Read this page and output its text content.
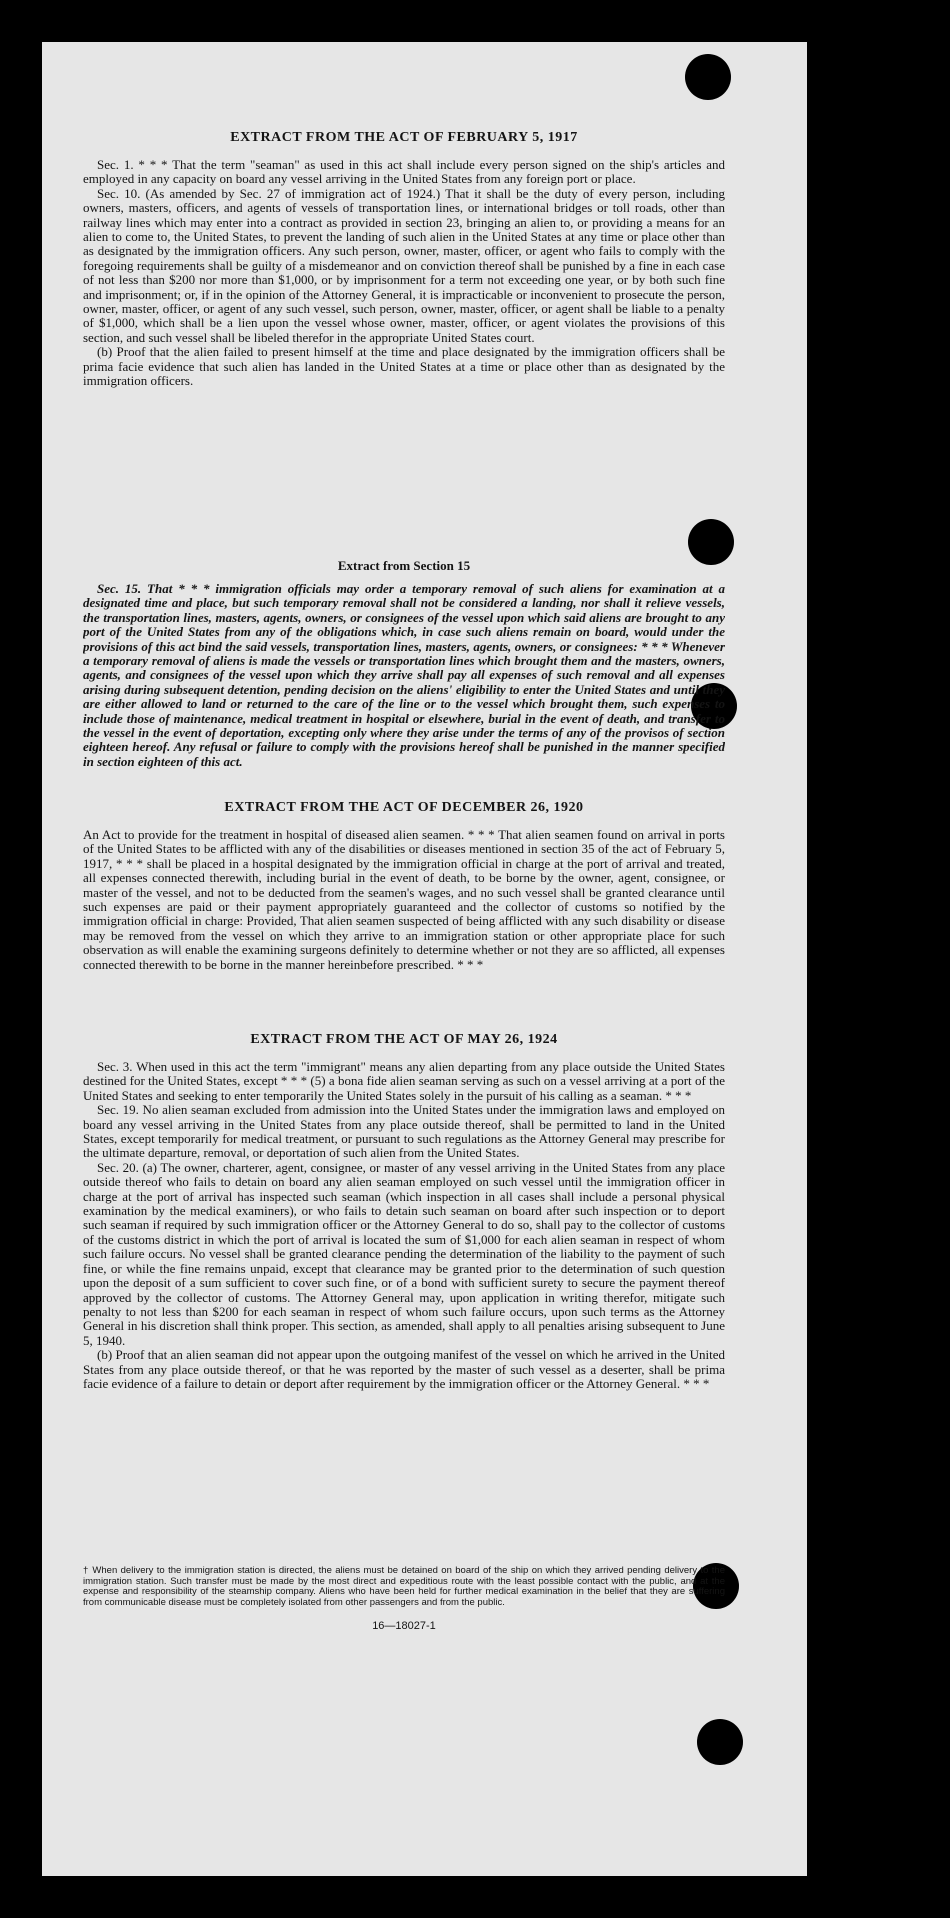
EXTRACT FROM THE ACT OF FEBRUARY 5, 1917

Sec. 1. * * * That the term "seaman" as used in this act shall include every person signed on the ship's articles and employed in any capacity on board any vessel arriving in the United States from any foreign port or place.

Sec. 10. (As amended by Sec. 27 of immigration act of 1924.) That it shall be the duty of every person, including owners, masters, officers, and agents of vessels of transportation lines, or international bridges or toll roads, other than railway lines which may enter into a contract as provided in section 23, bringing an alien to, or providing a means for an alien to come to, the United States, to prevent the landing of such alien in the United States at any time or place other than as designated by the immigration officers. Any such person, owner, master, officer, or agent who fails to comply with the foregoing requirements shall be guilty of a misdemeanor and on conviction thereof shall be punished by a fine in each case of not less than $200 nor more than $1,000, or by imprisonment for a term not exceeding one year, or by both such fine and imprisonment; or, if in the opinion of the Attorney General, it is impracticable or inconvenient to prosecute the person, owner, master, officer, or agent of any such vessel, such person, owner, master, officer, or agent shall be liable to a penalty of $1,000, which shall be a lien upon the vessel whose owner, master, officer, or agent violates the provisions of this section, and such vessel shall be libeled therefor in the appropriate United States court.

(b) Proof that the alien failed to present himself at the time and place designated by the immigration officers shall be prima facie evidence that such alien has landed in the United States at a time or place other than as designated by the immigration officers.

Extract from Section 15

Sec. 15. That * * * immigration officials may order a temporary removal of such aliens for examination at a designated time and place, but such temporary removal shall not be considered a landing, nor shall it relieve vessels, the transportation lines, masters, agents, owners, or consignees of the vessel upon which said aliens are brought to any port of the United States from any of the obligations which, in case such aliens remain on board, would under the provisions of this act bind the said vessels, transportation lines, masters, agents, owners, or consignees: * * * Whenever a temporary removal of aliens is made the vessels or transportation lines which brought them and the masters, owners, agents, and consignees of the vessel upon which they arrive shall pay all expenses of such removal and all expenses arising during subsequent detention, pending decision on the aliens' eligibility to enter the United States and until they are either allowed to land or returned to the care of the line or to the vessel which brought them, such expenses to include those of maintenance, medical treatment in hospital or elsewhere, burial in the event of death, and transfer to the vessel in the event of deportation, excepting only where they arise under the terms of any of the provisos of section eighteen hereof. Any refusal or failure to comply with the provisions hereof shall be punished in the manner specified in section eighteen of this act.

EXTRACT FROM THE ACT OF DECEMBER 26, 1920

An Act to provide for the treatment in hospital of diseased alien seamen. * * * That alien seamen found on arrival in ports of the United States to be afflicted with any of the disabilities or diseases mentioned in section 35 of the act of February 5, 1917, * * * shall be placed in a hospital designated by the immigration official in charge at the port of arrival and treated, all expenses connected therewith, including burial in the event of death, to be borne by the owner, agent, consignee, or master of the vessel, and not to be deducted from the seamen's wages, and no such vessel shall be granted clearance until such expenses are paid or their payment appropriately guaranteed and the collector of customs so notified by the immigration official in charge: Provided, That alien seamen suspected of being afflicted with any such disability or disease may be removed from the vessel on which they arrive to an immigration station or other appropriate place for such observation as will enable the examining surgeons definitely to determine whether or not they are so afflicted, all expenses connected therewith to be borne in the manner hereinbefore prescribed. * * *

EXTRACT FROM THE ACT OF MAY 26, 1924

Sec. 3. When used in this act the term "immigrant" means any alien departing from any place outside the United States destined for the United States, except * * * (5) a bona fide alien seaman serving as such on a vessel arriving at a port of the United States and seeking to enter temporarily the United States solely in the pursuit of his calling as a seaman. * * *

Sec. 19. No alien seaman excluded from admission into the United States under the immigration laws and employed on board any vessel arriving in the United States from any place outside thereof, shall be permitted to land in the United States, except temporarily for medical treatment, or pursuant to such regulations as the Attorney General may prescribe for the ultimate departure, removal, or deportation of such alien from the United States.

Sec. 20. (a) The owner, charterer, agent, consignee, or master of any vessel arriving in the United States from any place outside thereof who fails to detain on board any alien seaman employed on such vessel until the immigration officer in charge at the port of arrival has inspected such seaman (which inspection in all cases shall include a personal physical examination by the medical examiners), or who fails to detain such seaman on board after such inspection or to deport such seaman if required by such immigration officer or the Attorney General to do so, shall pay to the collector of customs of the customs district in which the port of arrival is located the sum of $1,000 for each alien seaman in respect of whom such failure occurs. No vessel shall be granted clearance pending the determination of the liability to the payment of such fine, or while the fine remains unpaid, except that clearance may be granted prior to the determination of such question upon the deposit of a sum sufficient to cover such fine, or of a bond with sufficient surety to secure the payment thereof approved by the collector of customs. The Attorney General may, upon application in writing therefor, mitigate such penalty to not less than $200 for each seaman in respect of whom such failure occurs, upon such terms as the Attorney General in his discretion shall think proper. This section, as amended, shall apply to all penalties arising subsequent to June 5, 1940.

(b) Proof that an alien seaman did not appear upon the outgoing manifest of the vessel on which he arrived in the United States from any place outside thereof, or that he was reported by the master of such vessel as a deserter, shall be prima facie evidence of a failure to detain or deport after requirement by the immigration officer or the Attorney General. * * *

† When delivery to the immigration station is directed, the aliens must be detained on board of the ship on which they arrived pending delivery to the immigration station. Such transfer must be made by the most direct and expeditious route with the least possible contact with the public, and at the expense and responsibility of the steamship company. Aliens who have been held for further medical examination in the belief that they are suffering from communicable disease must be completely isolated from other passengers and from the public.
16—18027-1
